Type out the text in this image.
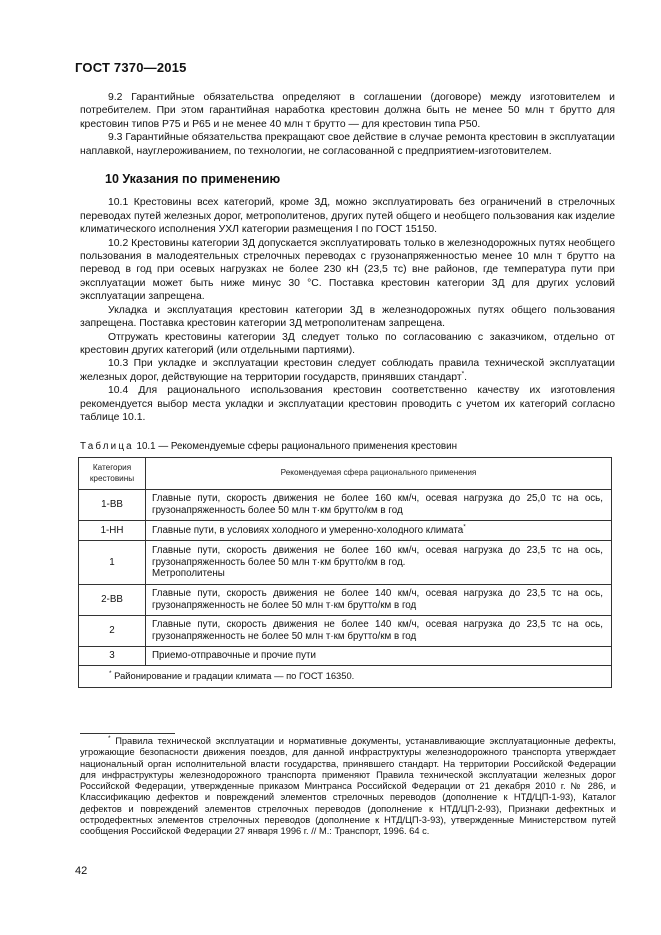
ГОСТ 7370—2015

9.2 Гарантийные обязательства определяют в соглашении (договоре) между изготовителем и потребителем. При этом гарантийная наработка крестовин должна быть не менее 50 млн т брутто для крестовин типов Р75 и Р65 и не менее 40 млн т брутто — для крестовин типа Р50.

9.3 Гарантийные обязательства прекращают свое действие в случае ремонта крестовин в эксплуатации наплавкой, науглероживанием, по технологии, не согласованной с предприятием-изготовителем.

10 Указания по применению

10.1 Крестовины всех категорий, кроме 3Д, можно эксплуатировать без ограничений в стрелочных переводах путей железных дорог, метрополитенов, других путей общего и необщего пользования как изделие климатического исполнения УХЛ категории размещения I по ГОСТ 15150.

10.2 Крестовины категории 3Д допускается эксплуатировать только в железнодорожных путях необщего пользования в малодеятельных стрелочных переводах с грузонапряженностью менее 10 млн т брутто на перевод в год при осевых нагрузках не более 230 кН (23,5 тс) вне районов, где температура пути при эксплуатации может быть ниже минус 30 °С. Поставка крестовин категории 3Д для других условий эксплуатации запрещена.

Укладка и эксплуатация крестовин категории 3Д в железнодорожных путях общего пользования запрещена. Поставка крестовин категории 3Д метрополитенам запрещена.

Отгружать крестовины категории 3Д следует только по согласованию с заказчиком, отдельно от крестовин других категорий (или отдельными партиями).

10.3 При укладке и эксплуатации крестовин следует соблюдать правила технической эксплуатации железных дорог, действующие на территории государств, принявших стандарт*.

10.4 Для рационального использования крестовин соответственно качеству их изготовления рекомендуется выбор места укладки и эксплуатации крестовин проводить с учетом их категорий согласно таблице 10.1.

Таблица 10.1 — Рекомендуемые сферы рационального применения крестовин
Категория крестовины	Рекомендуемая сфера рационального применения
1-ВВ	Главные пути, скорость движения не более 160 км/ч, осевая нагрузка до 25,0 тс на ось, грузонапряженность более 50 млн т·км брутто/км в год
1-НН	Главные пути, в условиях холодного и умеренно-холодного климата*
1	Главные пути, скорость движения не более 160 км/ч, осевая нагрузка до 23,5 тс на ось, грузонапряженность более 50 млн т·км брутто/км в год.
Метрополитены

2-ВВ	Главные пути, скорость движения не более 140 км/ч, осевая нагрузка до 23,5 тс на ось, грузонапряженность не более 50 млн т·км брутто/км в год
2	Главные пути, скорость движения не более 140 км/ч, осевая нагрузка до 23,5 тс на ось, грузонапряженность не более 50 млн т·км брутто/км в год
3	Приемо-отправочные и прочие пути
* Районирование и градации климата — по ГОСТ 16350.	

* Правила технической эксплуатации и нормативные документы, устанавливающие эксплуатационные дефекты, угрожающие безопасности движения поездов, для данной инфраструктуры железнодорожного транспорта утверждает национальный орган исполнительной власти государства, принявшего стандарт. На территории Российской Федерации для инфраструктуры железнодорожного транспорта применяют Правила технической эксплуатации железных дорог Российской Федерации, утвержденные приказом Минтранса Российской Федерации от 21 декабря 2010 г. № 286, и Классификацию дефектов и повреждений элементов стрелочных переводов (дополнение к НТД/ЦП-1-93), Каталог дефектов и повреждений элементов стрелочных переводов (дополнение к НТД/ЦП-2-93), Признаки дефектных и остродефектных элементов стрелочных переводов (дополнение к НТД/ЦП-3-93), утвержденные Министерством путей сообщения Российской Федерации 27 января 1996 г. // М.: Транспорт, 1996. 64 с.

42
